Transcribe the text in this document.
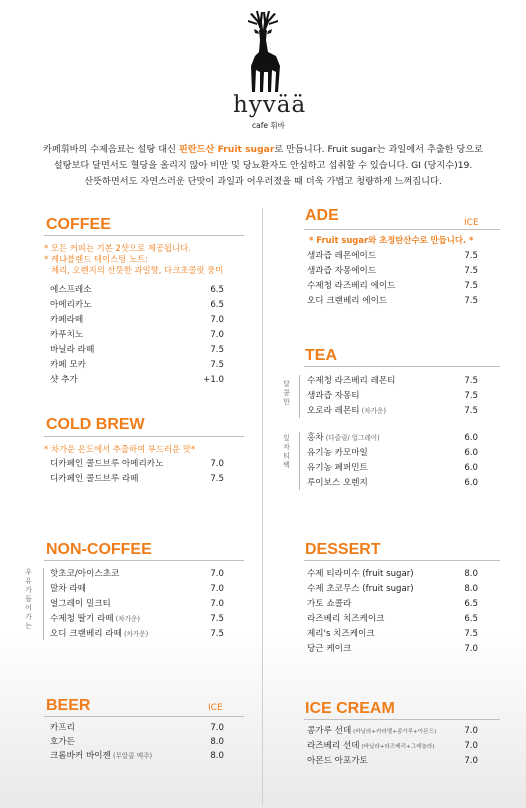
hyvää
cafe 휘바
카페휘바의 수제음료는 설탕 대신 핀란드산 Fruit sugar로 만듭니다. Fruit sugar는 과일에서 추출한 당으로
설탕보다 달면서도 혈당을 올리지 않아 비만 및 당뇨환자도 안심하고 섭취할 수 있습니다. GI (당지수)19.
산뜻하면서도 자연스러운 단맛이 과일과 어우러졌을 때 더욱 가볍고 청량하게 느껴집니다.
COFFEE
* 모든 커피는 기본 2샷으로 제공됩니다.
* 케냐블렌드 테이스팅 노트:
체리, 오렌지의 산뜻한 과일향, 다크초콜릿 풍미
에스프레소	6.5
아메리카노	6.5
카페라떼	7.0
카푸치노	7.0
바닐라 라떼	7.5
카페 모카	7.5
샷 추가	+1.0
COLD BREW
* 차가운 온도에서 추출하여 부드러운 맛*
디카페인 콜드브루 아메리카노	7.0
디카페인 콜드브루 라떼	7.5
NON-COFFEE
우유가들어가는
핫초코/아이스초코	7.0
말차 라떼	7.0
얼그레이 밀크티	7.0
수제청 딸기 라떼 (차가운)	7.5
오디 크랜베리 라떼 (차가운)	7.5
BEER	ICE
카프리	7.0
호가든	8.0
크롬바커 바이젠 (무알콜 맥주)	8.0
ADE	ICE
* Fruit sugar와 초정탄산수로 만듭니다. *
생과즙 레몬에이드	7.5
생과즙 자몽에이드	7.5
수제청 라즈베리 에이드	7.5
오디 크랜베리 에이드	7.5
TEA
달콤한
수제청 라즈베리 레몬티	7.5
생과즙 자몽티	7.5
오로라 레몬티 (차가운)	7.5
잎차티백
홍차 (다즐링/ 얼그레이)	6.0
유기농 카모마일	6.0
유기농 페퍼민트	6.0
루이보스 오렌지	6.0
DESSERT
수제 티라미수 (fruit sugar)	8.0
수제 초코무스 (fruit sugar)	8.0
가토 쇼콜라	6.5
라즈베리 치즈케이크	6.5
제리's 치즈케이크	7.5
당근 케이크	7.0
ICE CREAM
콩가루 선데 (바닐라+카라멜+콩가루+아몬드)	7.0
라즈베리 선데 (바닐라+라즈베리+그래놀라)	7.0
아몬드 아포가토	7.0
